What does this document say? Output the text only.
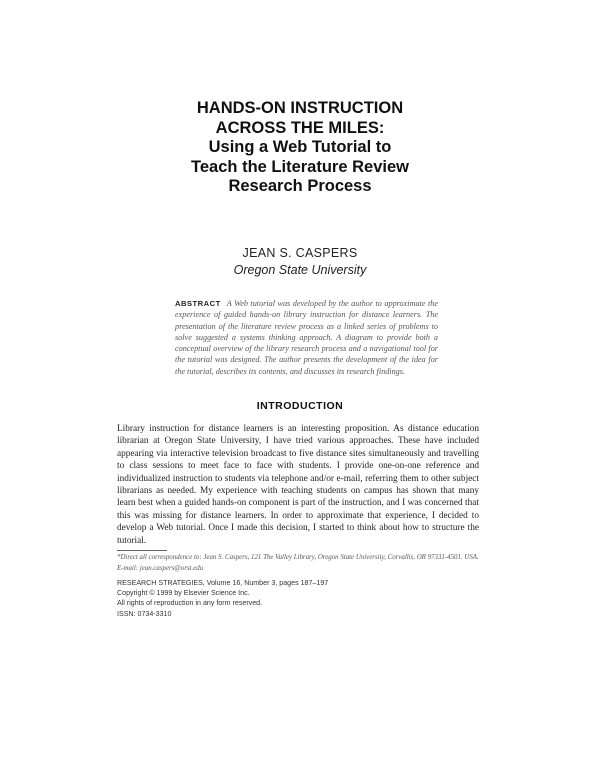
HANDS-ON INSTRUCTION
ACROSS THE MILES:
Using a Web Tutorial to
Teach the Literature Review
Research Process
JEAN S. CASPERS
Oregon State University
ABSTRACT A Web tutorial was developed by the author to approximate the experience of guided hands-on library instruction for distance learners. The presentation of the literature review process as a linked series of problems to solve suggested a systems thinking approach. A diagram to provide both a conceptual overview of the library research process and a navigational tool for the tutorial was designed. The author presents the development of the idea for the tutorial, describes its contents, and discusses its research findings.
INTRODUCTION

Library instruction for distance learners is an interesting proposition. As distance education librarian at Oregon State University, I have tried various approaches. These have included appearing via interactive television broadcast to five distance sites simultaneously and travelling to class sessions to meet face to face with students. I provide one-on-one reference and individualized instruction to students via telephone and/or e-mail, referring them to other subject librarians as needed. My experience with teaching students on campus has shown that many learn best when a guided hands-on component is part of the instruction, and I was concerned that this was missing for distance learners. In order to approximate that experience, I decided to develop a Web tutorial. Once I made this decision, I started to think about how to structure the tutorial.

*Direct all correspondence to: Jean S. Caspers, 121 The Valley Library, Oregon State University, Corvallis, OR 97331-4501. USA. E-mail: jean.caspers@orst.edu

RESEARCH STRATEGIES, Volume 16, Number 3, pages 187–197
Copyright © 1999 by Elsevier Science Inc.
All rights of reproduction in any form reserved.
ISSN: 0734-3310
